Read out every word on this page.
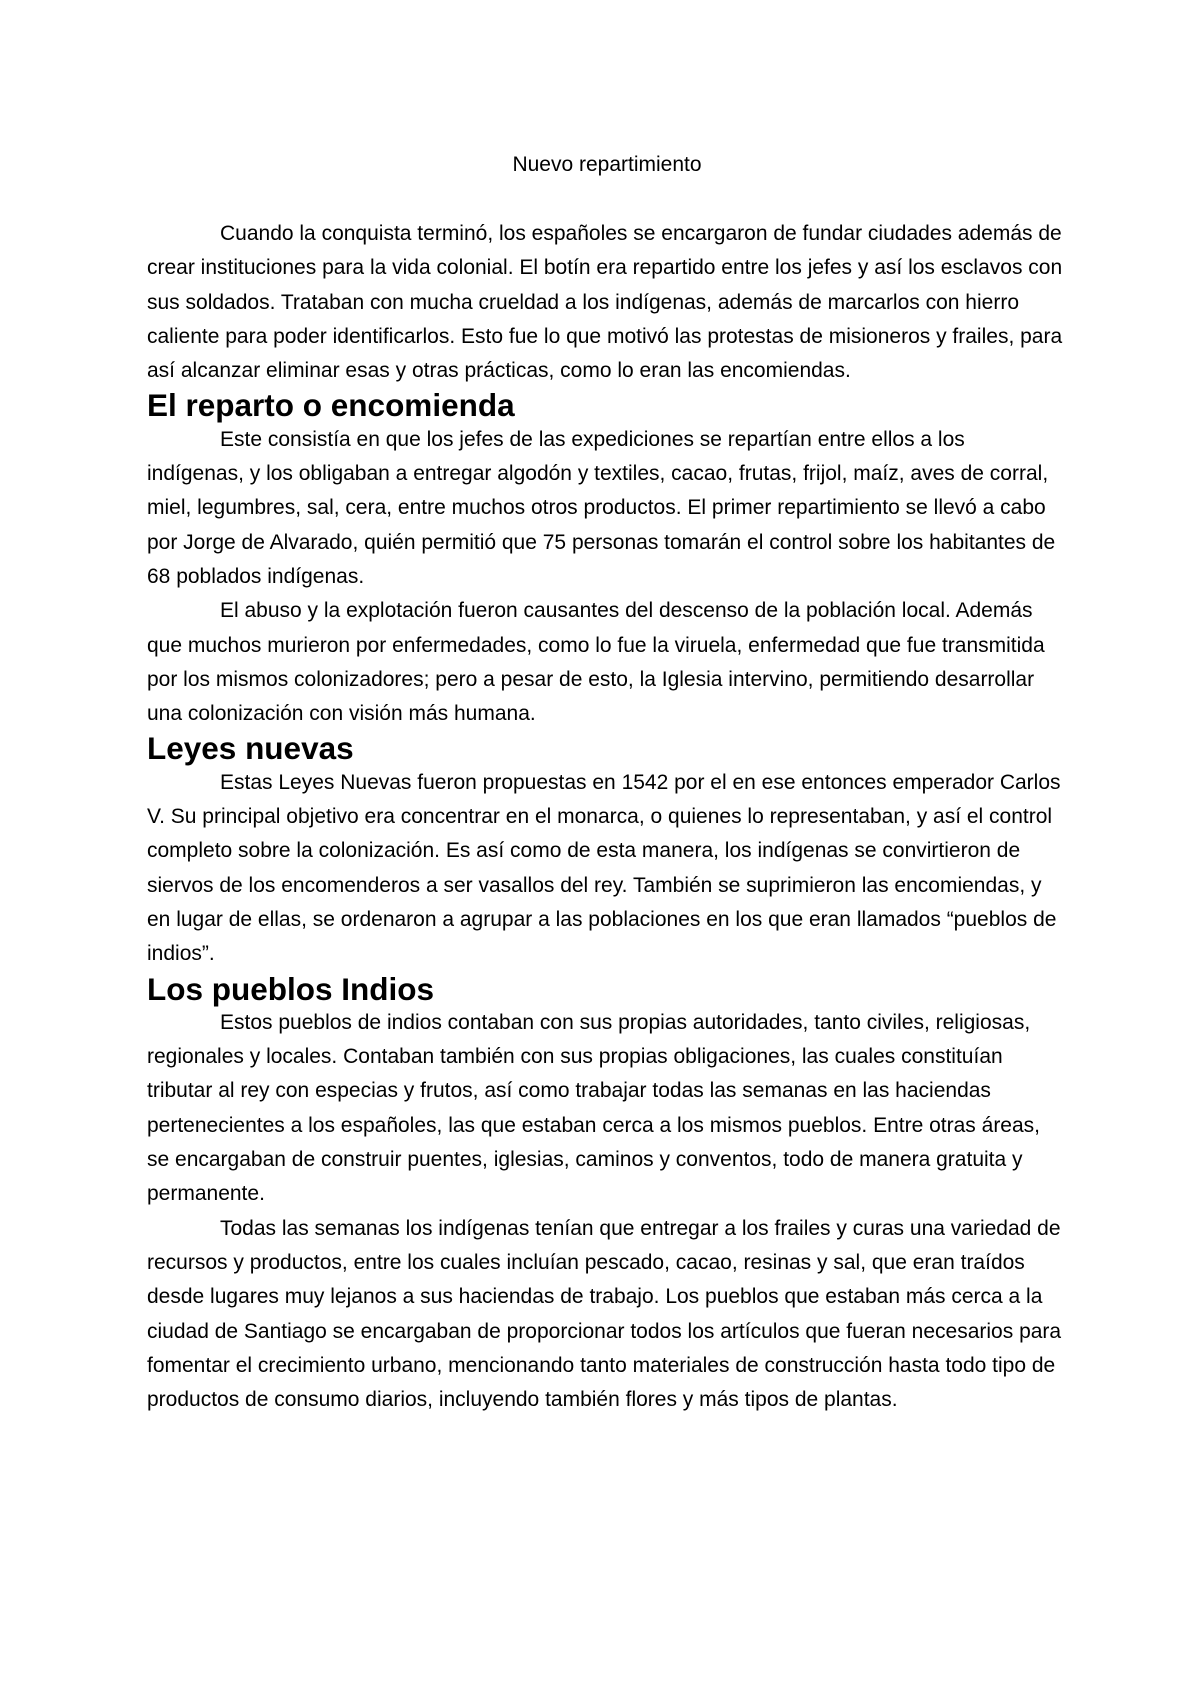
Nuevo repartimiento

Cuando la conquista terminó, los españoles se encargaron de fundar ciudades además de crear instituciones para la vida colonial. El botín era repartido entre los jefes y así los esclavos con sus soldados. Trataban con mucha crueldad a los indígenas, además de marcarlos con hierro caliente para poder identificarlos. Esto fue lo que motivó las protestas de misioneros y frailes, para así alcanzar eliminar esas y otras prácticas, como lo eran las encomiendas.

El reparto o encomienda

Este consistía en que los jefes de las expediciones se repartían entre ellos a los indígenas, y los obligaban a entregar algodón y textiles, cacao, frutas, frijol, maíz, aves de corral, miel, legumbres, sal, cera, entre muchos otros productos. El primer repartimiento se llevó a cabo por Jorge de Alvarado, quién permitió que 75 personas tomarán el control sobre los habitantes de 68 poblados indígenas.

El abuso y la explotación fueron causantes del descenso de la población local. Además que muchos murieron por enfermedades, como lo fue la viruela, enfermedad que fue transmitida por los mismos colonizadores; pero a pesar de esto, la Iglesia intervino, permitiendo desarrollar una colonización con visión más humana.

Leyes nuevas

Estas Leyes Nuevas fueron propuestas en 1542 por el en ese entonces emperador Carlos V. Su principal objetivo era concentrar en el monarca, o quienes lo representaban, y así el control completo sobre la colonización. Es así como de esta manera, los indígenas se convirtieron de siervos de los encomenderos a ser vasallos del rey. También se suprimieron las encomiendas, y en lugar de ellas, se ordenaron a agrupar a las poblaciones en los que eran llamados “pueblos de indios”.

Los pueblos Indios

Estos pueblos de indios contaban con sus propias autoridades, tanto civiles, religiosas, regionales y locales. Contaban también con sus propias obligaciones, las cuales constituían tributar al rey con especias y frutos, así como trabajar todas las semanas en las haciendas pertenecientes a los españoles, las que estaban cerca a los mismos pueblos. Entre otras áreas, se encargaban de construir puentes, iglesias, caminos y conventos, todo de manera gratuita y permanente.

Todas las semanas los indígenas tenían que entregar a los frailes y curas una variedad de recursos y productos, entre los cuales incluían pescado, cacao, resinas y sal, que eran traídos desde lugares muy lejanos a sus haciendas de trabajo. Los pueblos que estaban más cerca a la ciudad de Santiago se encargaban de proporcionar todos los artículos que fueran necesarios para fomentar el crecimiento urbano, mencionando tanto materiales de construcción hasta todo tipo de productos de consumo diarios, incluyendo también flores y más tipos de plantas.
